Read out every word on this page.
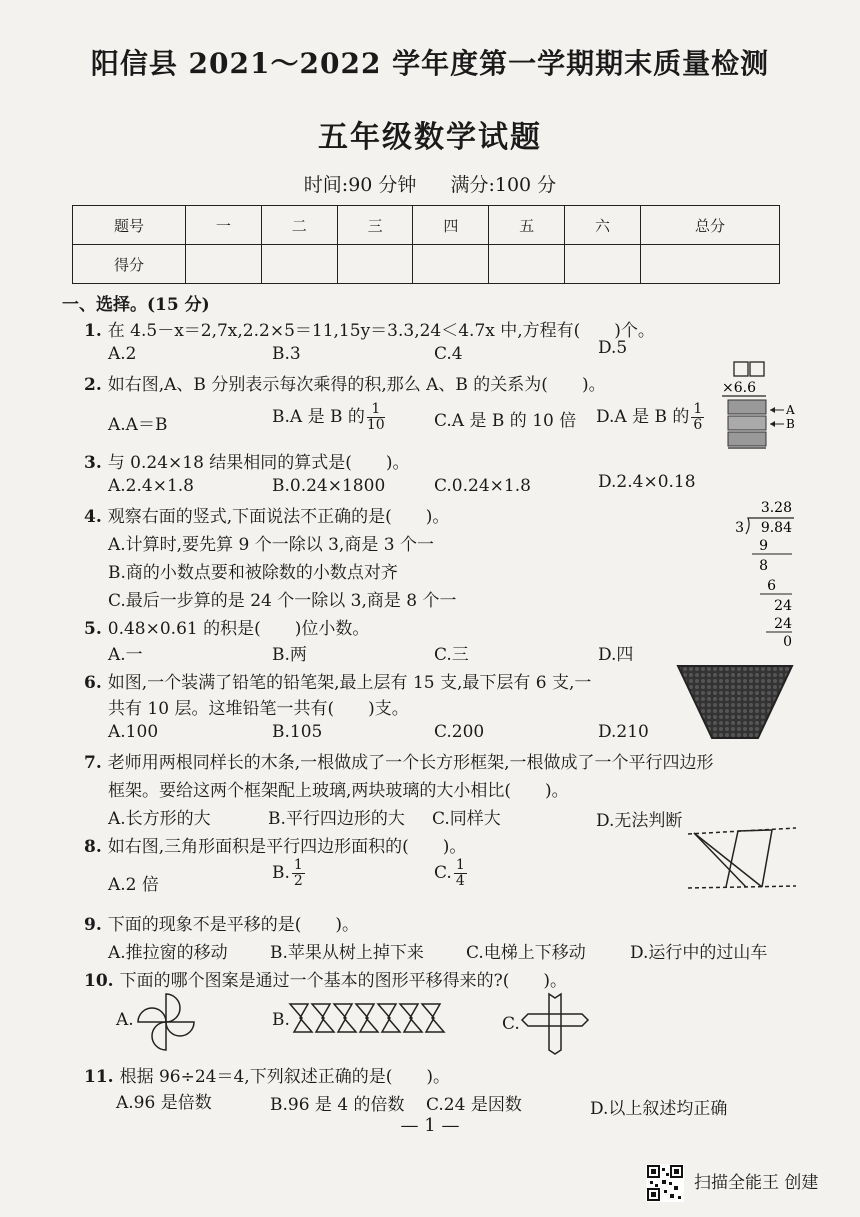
阳信县 2021～2022 学年度第一学期期末质量检测
五年级数学试题
时间:90 分钟 满分:100 分
题号	一	二	三	四	五	六	总分
得分							
一、选择。(15 分)
1. 在 4.5－x＝2,7x,2.2×5＝11,15y＝3.3,24＜4.7x 中,方程有(　　)个。
A.2	B.3	C.4	D.5
2. 如右图,A、B 分别表示每次乘得的积,那么 A、B 的关系为(　　)。
A.A＝B	B.A 是 B 的 $\frac{1}{10}$	C.A 是 B 的 10 倍 D.A 是 B 的 $\frac{1}{6}$
×6.6
A
B
3. 与 0.24×18 结果相同的算式是(　　)。
A.2.4×1.8	B.0.24×1800	C.0.24×1.8	D.2.4×0.18
4. 观察右面的竖式,下面说法不正确的是(　　)。
A.计算时,要先算 9 个一除以 3,商是 3 个一
B.商的小数点要和被除数的小数点对齐
C.最后一步算的是 24 个一除以 3,商是 8 个一
3.28
3 9.84
9
8
6
24
24
0
5. 0.48×0.61 的积是(　　)位小数。
A.一	B.两	C.三	D.四
6. 如图,一个装满了铅笔的铅笔架,最上层有 15 支,最下层有 6 支,一
共有 10 层。这堆铅笔一共有(　　)支。
A.100	B.105	C.200	D.210
7. 老师用两根同样长的木条,一根做成了一个长方形框架,一根做成了一个平行四边形
框架。要给这两个框架配上玻璃,两块玻璃的大小相比(　　)。
A.长方形的大	B.平行四边形的大 C.同样大	D.无法判断
8. 如右图,三角形面积是平行四边形面积的(　　)。
A.2 倍
B. $\frac{1}{2}$	C. $\frac{1}{4}$
9. 下面的现象不是平移的是(　　)。
A.推拉窗的移动 B.苹果从树上掉下来 C.电梯上下移动	D.运行中的过山车
10. 下面的哪个图案是通过一个基本的图形平移得来的?(　　)。
A.	B.	C.
11. 根据 96÷24＝4,下列叙述正确的是(　　)。
A.96 是倍数	B.96 是 4 的倍数 C.24 是因数	D.以上叙述均正确
— 1 —
扫描全能王 创建
